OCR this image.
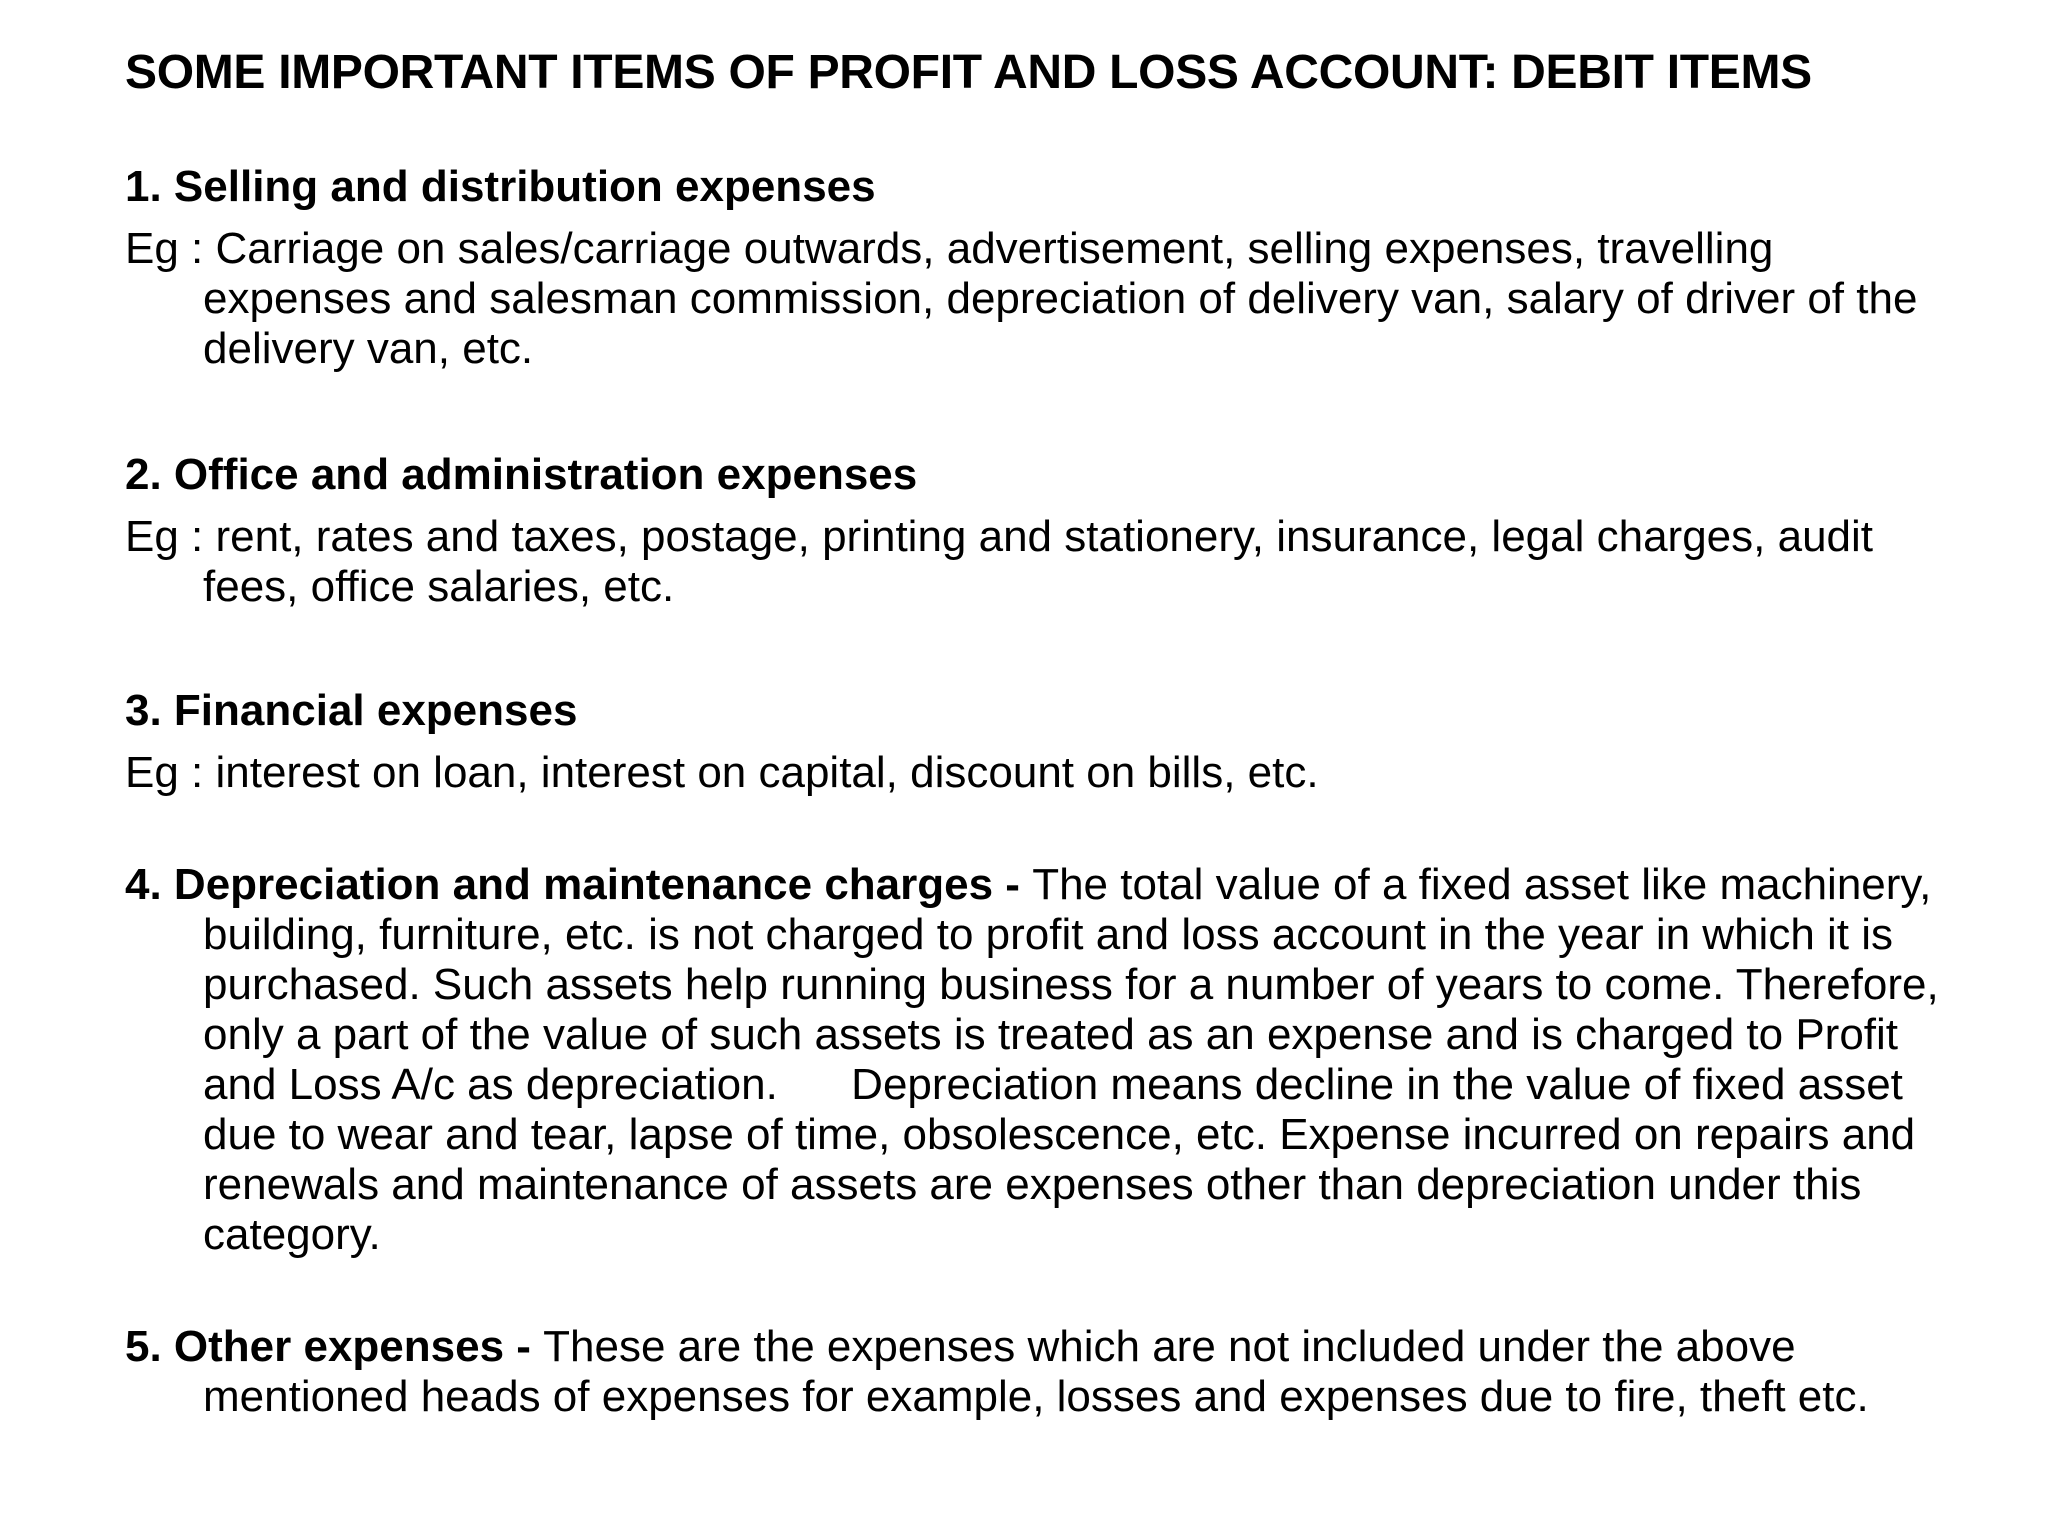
SOME IMPORTANT ITEMS OF PROFIT AND LOSS ACCOUNT: DEBIT ITEMS

1. Selling and distribution expenses

Eg : Carriage on sales/carriage outwards, advertisement, selling expenses, travelling expenses and salesman commission, depreciation of delivery van, salary of driver of the delivery van, etc.

2. Office and administration expenses

Eg : rent, rates and taxes, postage, printing and stationery, insurance, legal charges, audit fees, office salaries, etc.

3. Financial expenses

Eg : interest on loan, interest on capital, discount on bills, etc.

4. Depreciation and maintenance charges - The total value of a fixed asset like machinery, building, furniture, etc. is not charged to profit and loss account in the year in which it is purchased. Such assets help running business for a number of years to come. Therefore, only a part of the value of such assets is treated as an expense and is charged to Profit and Loss A/c as depreciation.      Depreciation means decline in the value of fixed asset due to wear and tear, lapse of time, obsolescence, etc. Expense incurred on repairs and renewals and maintenance of assets are expenses other than depreciation under this category.

5. Other expenses - These are the expenses which are not included under the above mentioned heads of expenses for example, losses and expenses due to fire, theft etc.
